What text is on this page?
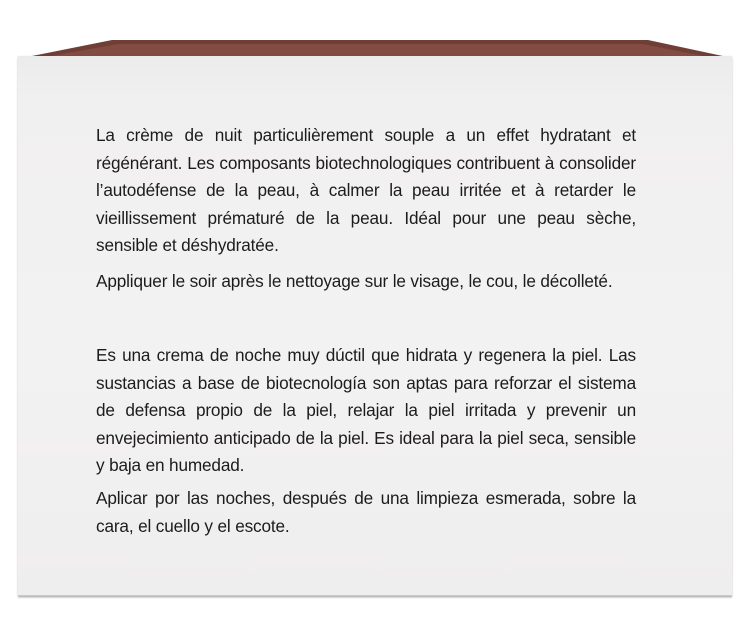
La crème de nuit particulièrement souple a un effet hydratant et régénérant. Les composants biotechnologiques contribuent à consolider l’autodéfense de la peau, à calmer la peau irritée et à retarder le vieillissement prématuré de la peau. Idéal pour une peau sèche, sensible et déshydratée.

Appliquer le soir après le nettoyage sur le visage, le cou, le décolleté.

Es una crema de noche muy dúctil que hidrata y regenera la piel. Las sustancias a base de biotecnología son aptas para reforzar el sistema de defensa propio de la piel, relajar la piel irritada y prevenir un envejecimiento anticipado de la piel. Es ideal para la piel seca, sensible y baja en humedad.

Aplicar por las noches, después de una limpieza esmerada, sobre la cara, el cuello y el escote.
